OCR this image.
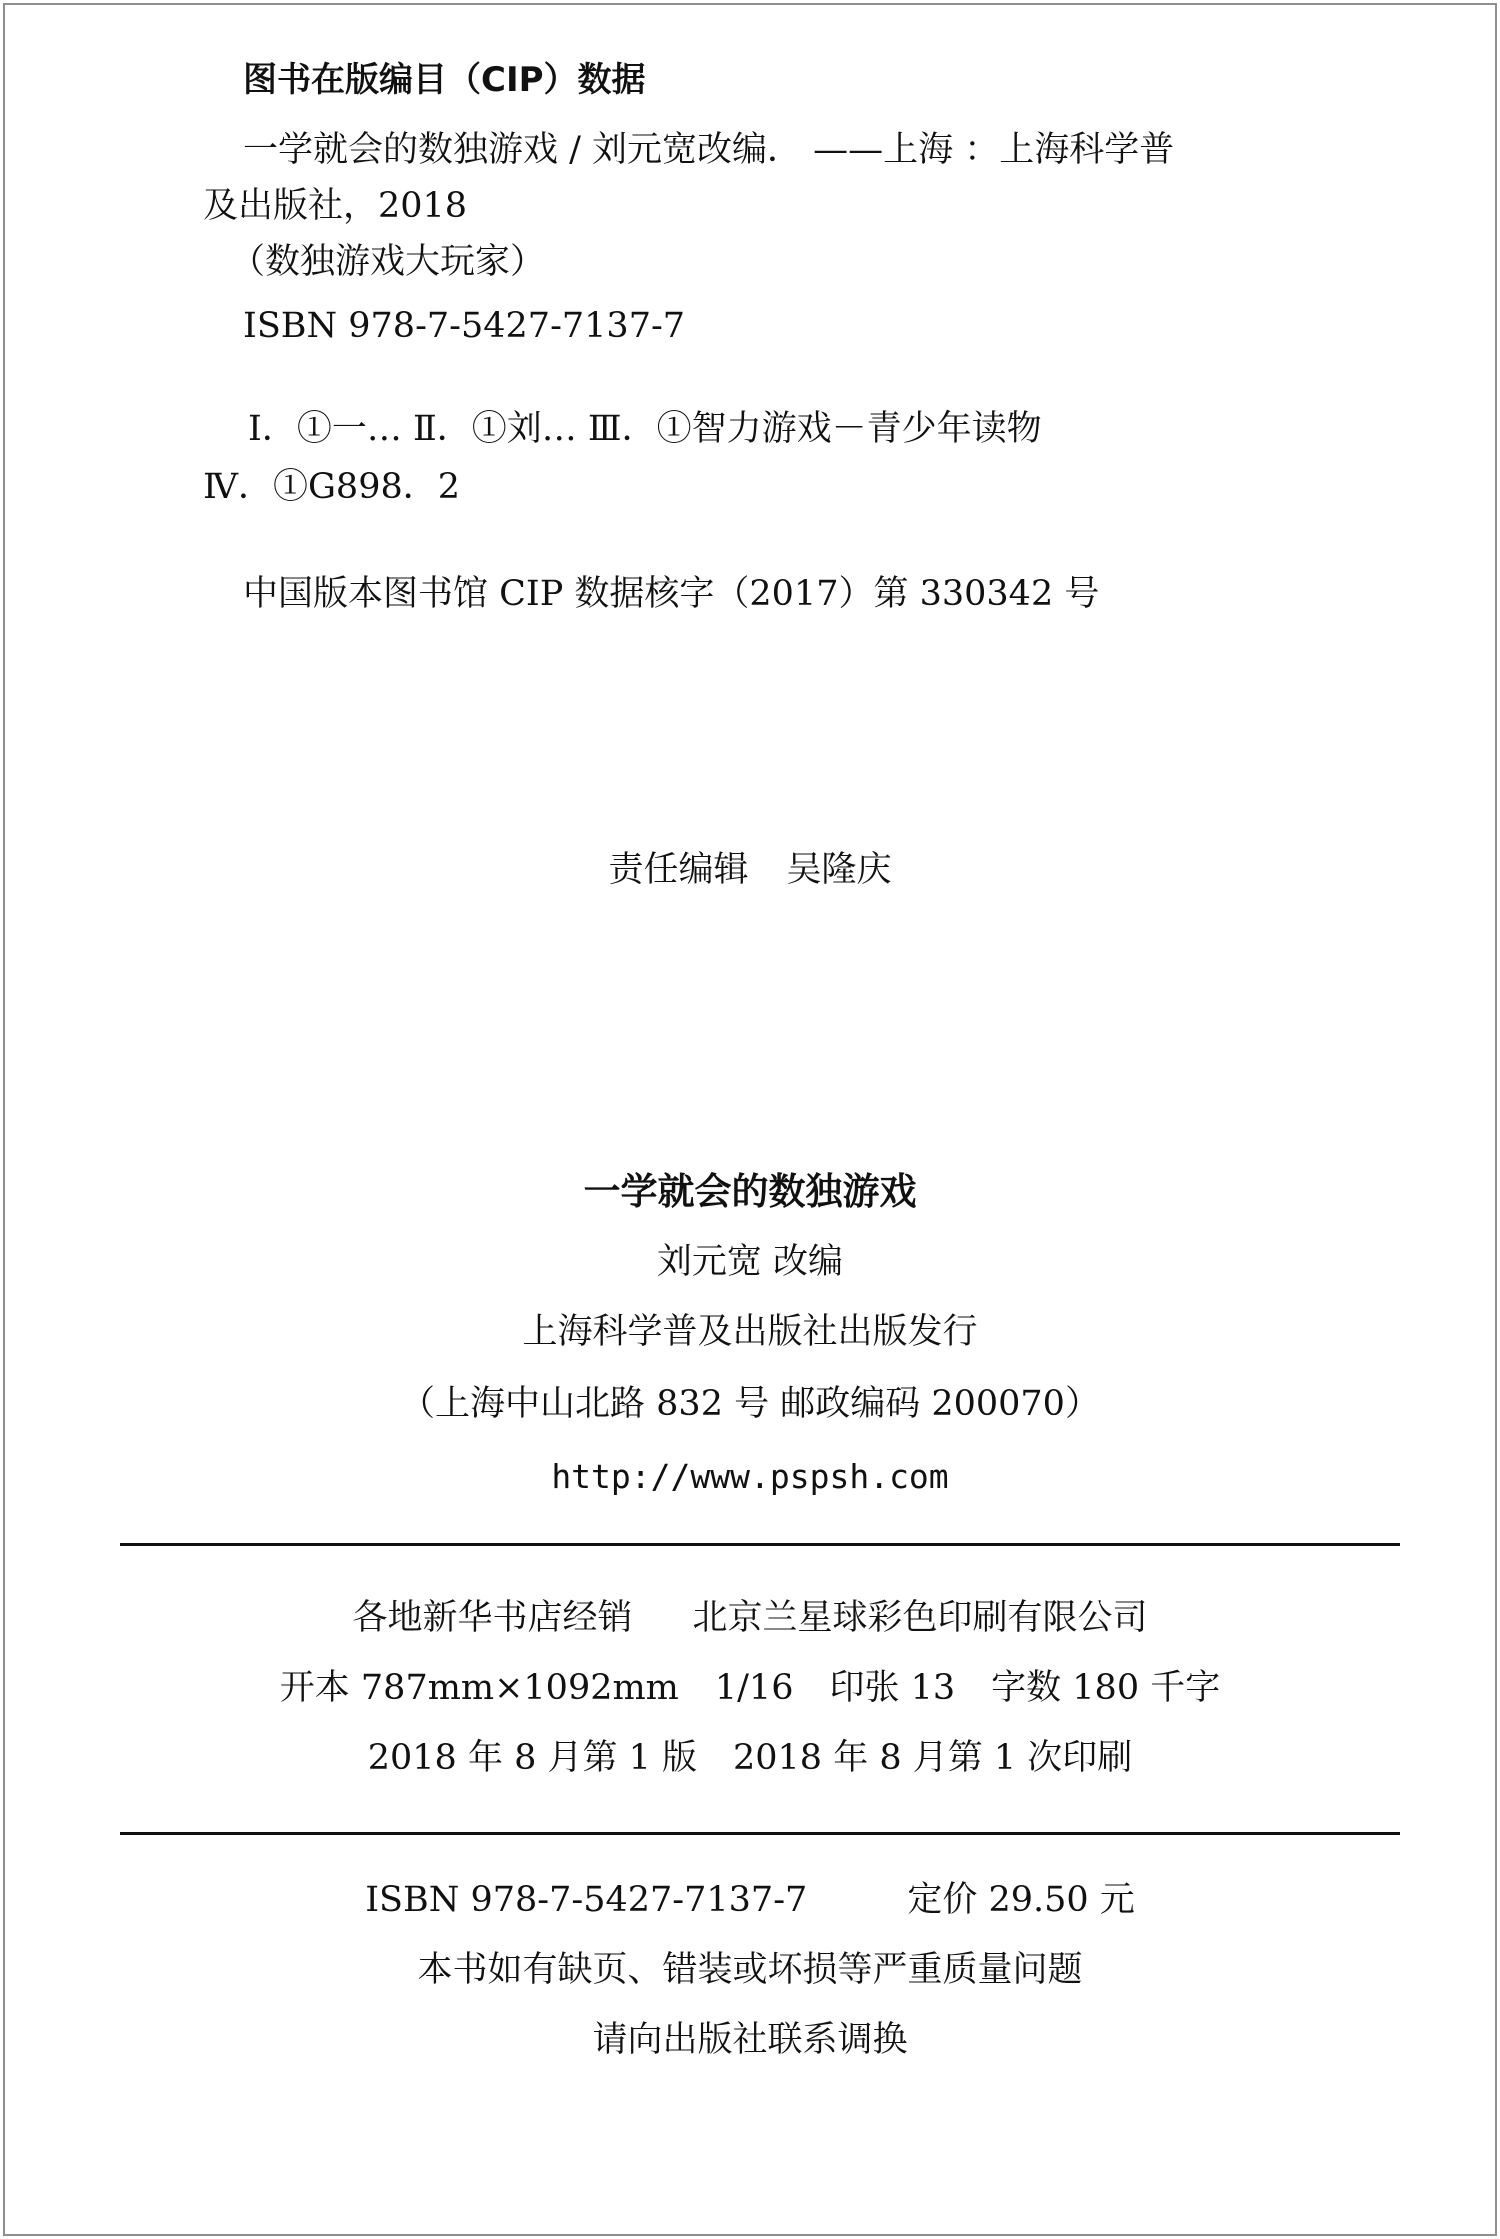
图书在版编目（CIP）数据
一学就会的数独游戏 / 刘元宽改编． ——上海 ：上海科学普
及出版社，2018
（数独游戏大玩家）
ISBN 978-7-5427-7137-7
Ⅰ．①一… Ⅱ．①刘… Ⅲ．①智力游戏－青少年读物
Ⅳ．①G898．2
中国版本图书馆 CIP 数据核字（2017）第 330342 号
责任编辑 吴隆庆
一学就会的数独游戏
刘元宽 改编
上海科学普及出版社出版发行
（上海中山北路 832 号 邮政编码 200070）
http://www.pspsh.com
各地新华书店经销 北京兰星球彩色印刷有限公司
开本 787mm×1092mm 1/16 印张 13 字数 180 千字
2018 年 8 月第 1 版 2018 年 8 月第 1 次印刷
ISBN 978-7-5427-7137-7	定价 29.50 元
本书如有缺页、错装或坏损等严重质量问题
请向出版社联系调换
